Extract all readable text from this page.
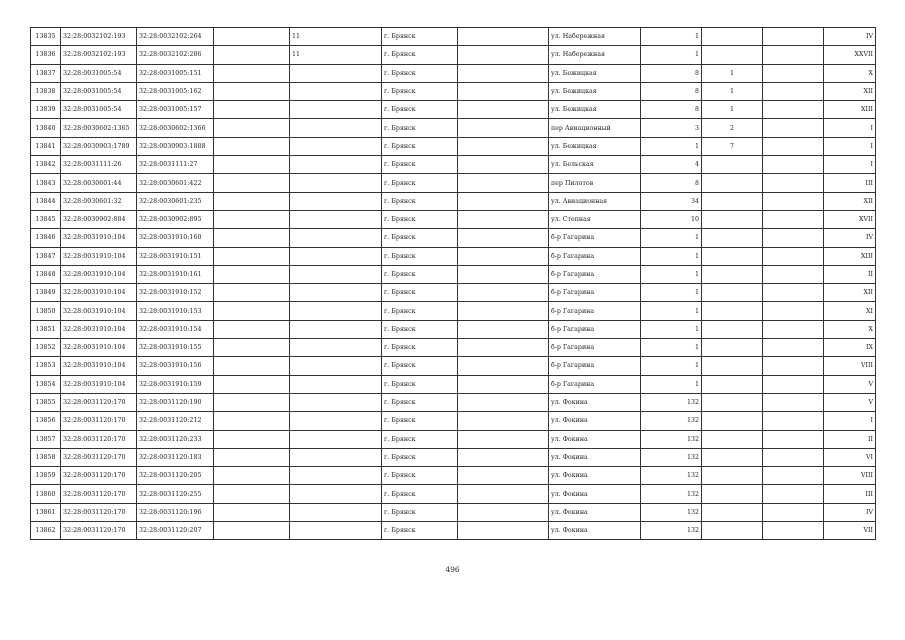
13835	32:28:0032102:193	32:28:0032102:264		11	г. Брянск		ул. Набережная	1			IV
13836	32:28:0032102:193	32:28:0032102:286		11	г. Брянск		ул. Набережная	1			XXVII
13837	32:28:0031005:54	32:28:0031005:151			г. Брянск		ул. Бежицкая	8	1		X
13838	32:28:0031005:54	32:28:0031005:162			г. Брянск		ул. Бежицкая	8	1		XII
13839	32:28:0031005:54	32:28:0031005:157			г. Брянск		ул. Бежицкая	8	1		XIII
13840	32:28:0030602:1365	32:28:0030602:1366			г. Брянск		пер Авиационный	3	2		I
13841	32:28:0030903:1789	32:28:0030903:1888			г. Брянск		ул. Бежицкая	1	7		I
13842	32:28:0031111:26	32:28:0031111:27			г. Брянск		ул. Бельская	4			I
13843	32:28:0030601:44	32:28:0030601:422			г. Брянск		пер Пилотов	8			III
13844	32:28:0030601:32	32:28:0030601:235			г. Брянск		ул. Авиационная	34			XII
13845	32:28:0030902:884	32:28:0030902:895			г. Брянск		ул. Степная	10			XVII
13846	32:28:0031910:104	32:28:0031910:160			г. Брянск		б-р Гагарина	1			IV
13847	32:28:0031910:104	32:28:0031910:151			г. Брянск		б-р Гагарина	1			XIII
13848	32:28:0031910:104	32:28:0031910:161			г. Брянск		б-р Гагарина	1			II
13849	32:28:0031910:104	32:28:0031910:152			г. Брянск		б-р Гагарина	1			XII
13850	32:28:0031910:104	32:28:0031910:153			г. Брянск		б-р Гагарина	1			XI
13851	32:28:0031910:104	32:28:0031910:154			г. Брянск		б-р Гагарина	1			X
13852	32:28:0031910:104	32:28:0031910:155			г. Брянск		б-р Гагарина	1			IX
13853	32:28:0031910:104	32:28:0031910:156			г. Брянск		б-р Гагарина	1			VIII
13854	32:28:0031910:104	32:28:0031910:159			г. Брянск		б-р Гагарина	1			V
13855	32:28:0031120:170	32:28:0031120:190			г. Брянск		ул. Фокина	132			V
13856	32:28:0031120:170	32:28:0031120:212			г. Брянск		ул. Фокина	132			I
13857	32:28:0031120:170	32:28:0031120:233			г. Брянск		ул. Фокина	132			II
13858	32:28:0031120:170	32:28:0031120:183			г. Брянск		ул. Фокина	132			VI
13859	32:28:0031120:170	32:28:0031120:205			г. Брянск		ул. Фокина	132			VIII
13860	32:28:0031120:170	32:28:0031120:255			г. Брянск		ул. Фокина	132			III
13861	32:28:0031120:170	32:28:0031120:196			г. Брянск		ул. Фокина	132			IV
13862	32:28:0031120:170	32:28:0031120:207			г. Брянск		ул. Фокина	132			VII
496
